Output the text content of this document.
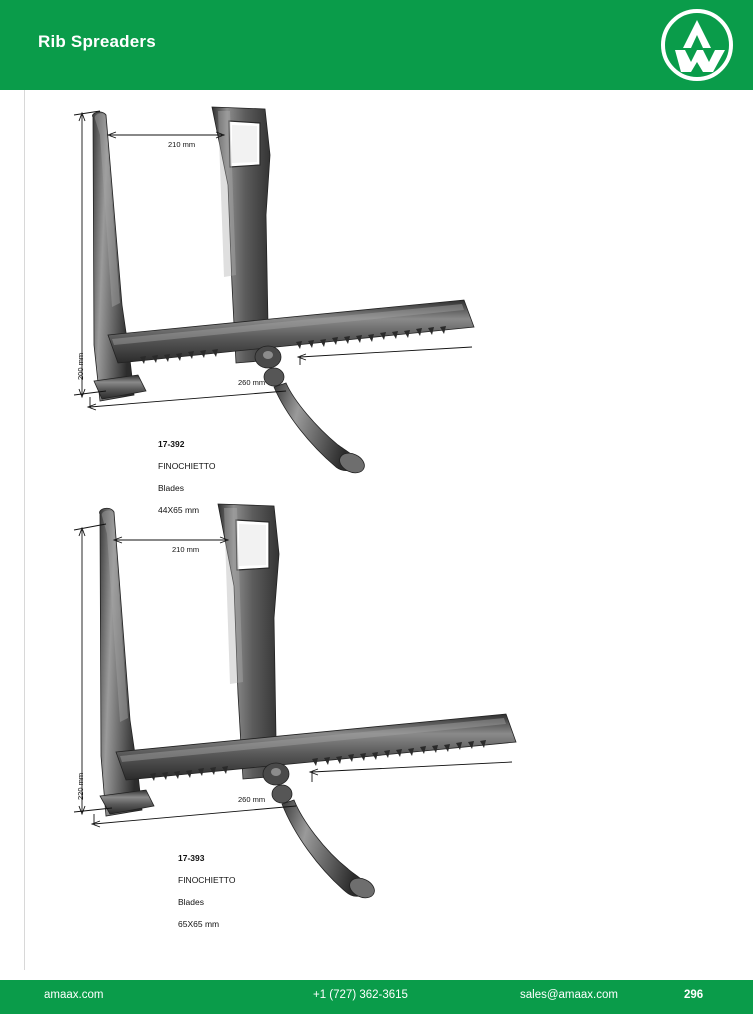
Rib Spreaders
200 mm
210 mm
260 mm

17-392

FINOCHIETTO

Blades

44X65 mm

220 mm
210 mm
260 mm

17-393

FINOCHIETTO

Blades

65X65 mm

amaax.com	+1 (727) 362-3615	sales@amaax.com	296
